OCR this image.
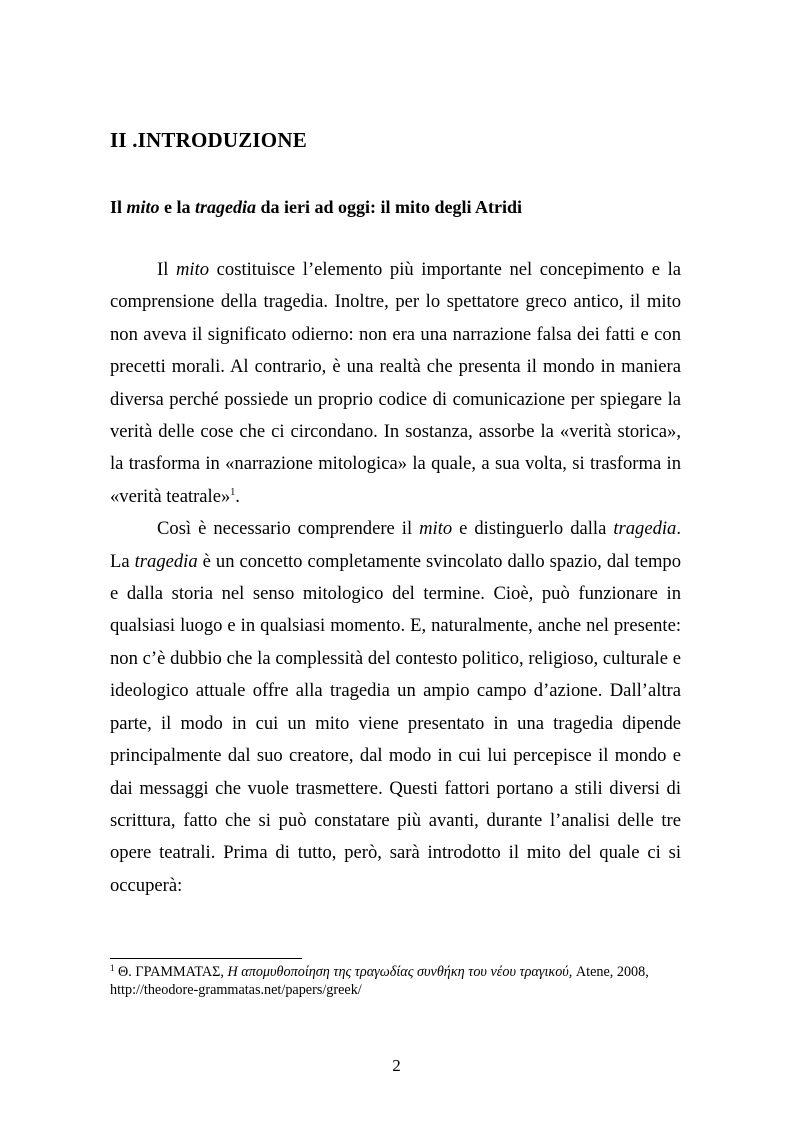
II .INTRODUZIONE
Il mito e la tragedia da ieri ad oggi: il mito degli Atridi

Il mito costituisce l’elemento più importante nel concepimento e la comprensione della tragedia. Inoltre, per lo spettatore greco antico, il mito non aveva il significato odierno: non era una narrazione falsa dei fatti e con precetti morali. Al contrario, è una realtà che presenta il mondo in maniera diversa perché possiede un proprio codice di comunicazione per spiegare la verità delle cose che ci circondano. In sostanza, assorbe la «verità storica», la trasforma in «narrazione mitologica» la quale, a sua volta, si trasforma in «verità teatrale»$^1$.

Così è necessario comprendere il mito e distinguerlo dalla tragedia. La tragedia è un concetto completamente svincolato dallo spazio, dal tempo e dalla storia nel senso mitologico del termine. Cioè, può funzionare in qualsiasi luogo e in qualsiasi momento. E, naturalmente, anche nel presente: non c’è dubbio che la complessità del contesto politico, religioso, culturale e ideologico attuale offre alla tragedia un ampio campo d’azione. Dall’altra parte, il modo in cui un mito viene presentato in una tragedia dipende principalmente dal suo creatore, dal modo in cui lui percepisce il mondo e dai messaggi che vuole trasmettere. Questi fattori portano a stili diversi di scrittura, fatto che si può constatare più avanti, durante l’analisi delle tre opere teatrali. Prima di tutto, però, sarà introdotto il mito del quale ci si occuperà:

$^1$ Θ. ΓΡΑΜΜΑΤΑΣ, Η απομυθοποίηση της τραγωδίας συνθήκη του νέου τραγικού, Atene, 2008,
http://theodore-grammatas.net/papers/greek/
2
